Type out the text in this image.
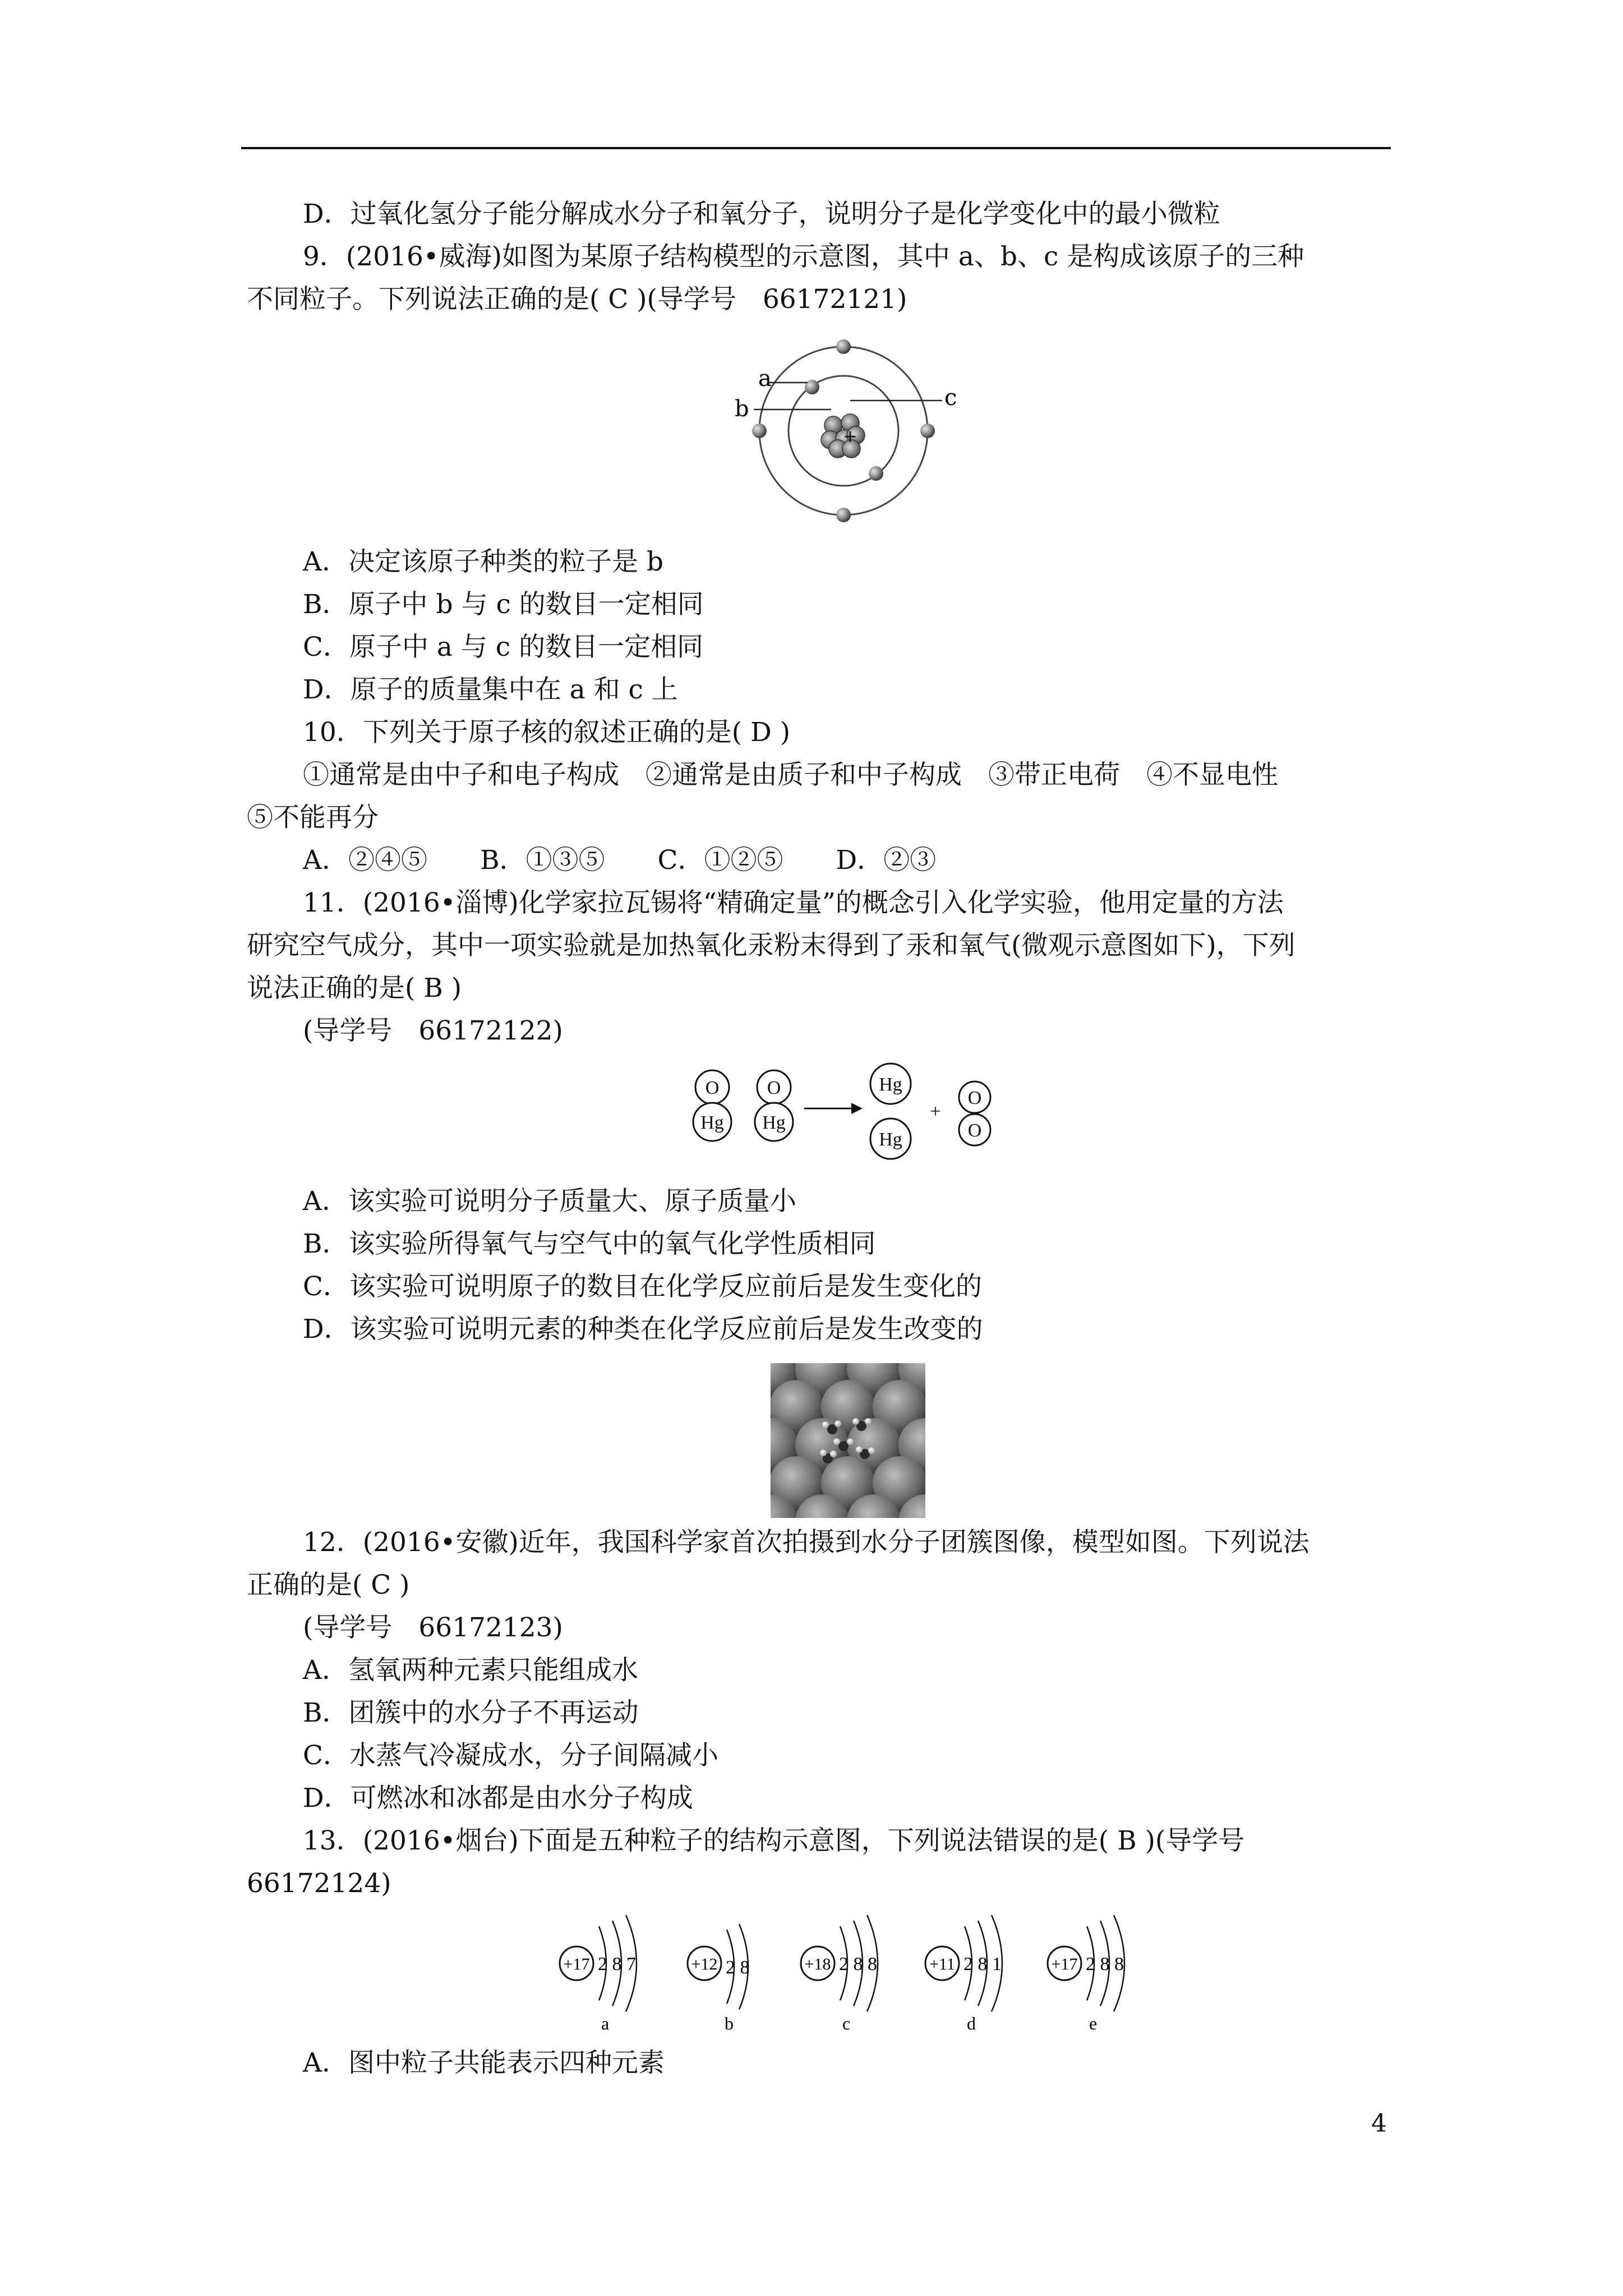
D．过氧化氢分子能分解成水分子和氧分子，说明分子是化学变化中的最小微粒
9．(2016•威海)如图为某原子结构模型的示意图，其中 a、b、c 是构成该原子的三种
不同粒子。下列说法正确的是( C )(导学号　66172121)
+
a
b	c
A．决定该原子种类的粒子是 b
B．原子中 b 与 c 的数目一定相同
C．原子中 a 与 c 的数目一定相同
D．原子的质量集中在 a 和 c 上
10．下列关于原子核的叙述正确的是( D )
①通常是由中子和电子构成　②通常是由质子和中子构成　③带正电荷　④不显电性
⑤不能再分
A．②④⑤　　B．①③⑤　　C．①②⑤　　D．②③
11．(2016•淄博)化学家拉瓦锡将“精确定量”的概念引入化学实验，他用定量的方法
研究空气成分，其中一项实验就是加热氧化汞粉末得到了汞和氧气(微观示意图如下)，下列
说法正确的是( B )
(导学号　66172122)
O
Hg
O
Hg
Hg
Hg
+
O
O
A．该实验可说明分子质量大、原子质量小
B．该实验所得氧气与空气中的氧气化学性质相同
C．该实验可说明原子的数目在化学反应前后是发生变化的
D．该实验可说明元素的种类在化学反应前后是发生改变的
12．(2016•安徽)近年，我国科学家首次拍摄到水分子团簇图像，模型如图。下列说法
正确的是( C )
(导学号　66172123)
A．氢氧两种元素只能组成水
B．团簇中的水分子不再运动
C．水蒸气冷凝成水，分子间隔减小
D．可燃冰和冰都是由水分子构成
13．(2016•烟台)下面是五种粒子的结构示意图，下列说法错误的是( B )(导学号
66172124)
+17 2 8 7
a
+12 2 8
b
+18 2 8 8
c
+11 2 8 1
d
+17 2 8 8
e
A．图中粒子共能表示四种元素
4
